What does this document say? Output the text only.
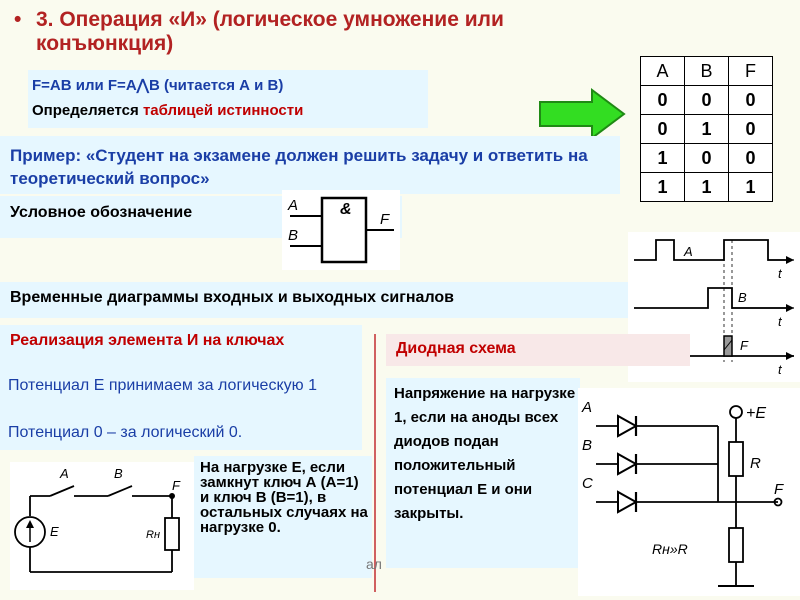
• 3. Операция «И» (логическое умножение или конъюнкция)
F=AB или F=A⋀B (читается А и В)
Определяется таблицей истинности
A	B	F
0	0	0
0	1	0
1	0	0
1	1	1
Пример: «Студент на экзамене должен решить задачу и ответить на теоретический вопрос»
Условное обозначение	A
B
&
F
A
t
B
t
F
t
Временные диаграммы входных и выходных сигналов
Реализация элемента И на ключах
Потенциал Е принимаем за логическую 1
Потенциал 0 – за логический 0.
A	B
F
E	Rн
На нагрузке Е, если замкнут ключ А (А=1) и ключ В (В=1), в остальных случаях на нагрузке 0.
Диодная схема
Напряжение на нагрузке 1, если на аноды всех диодов подан положительный потенциал Е и они закрыты.
A
B
C	F
+E
R
Rн»R
ал
